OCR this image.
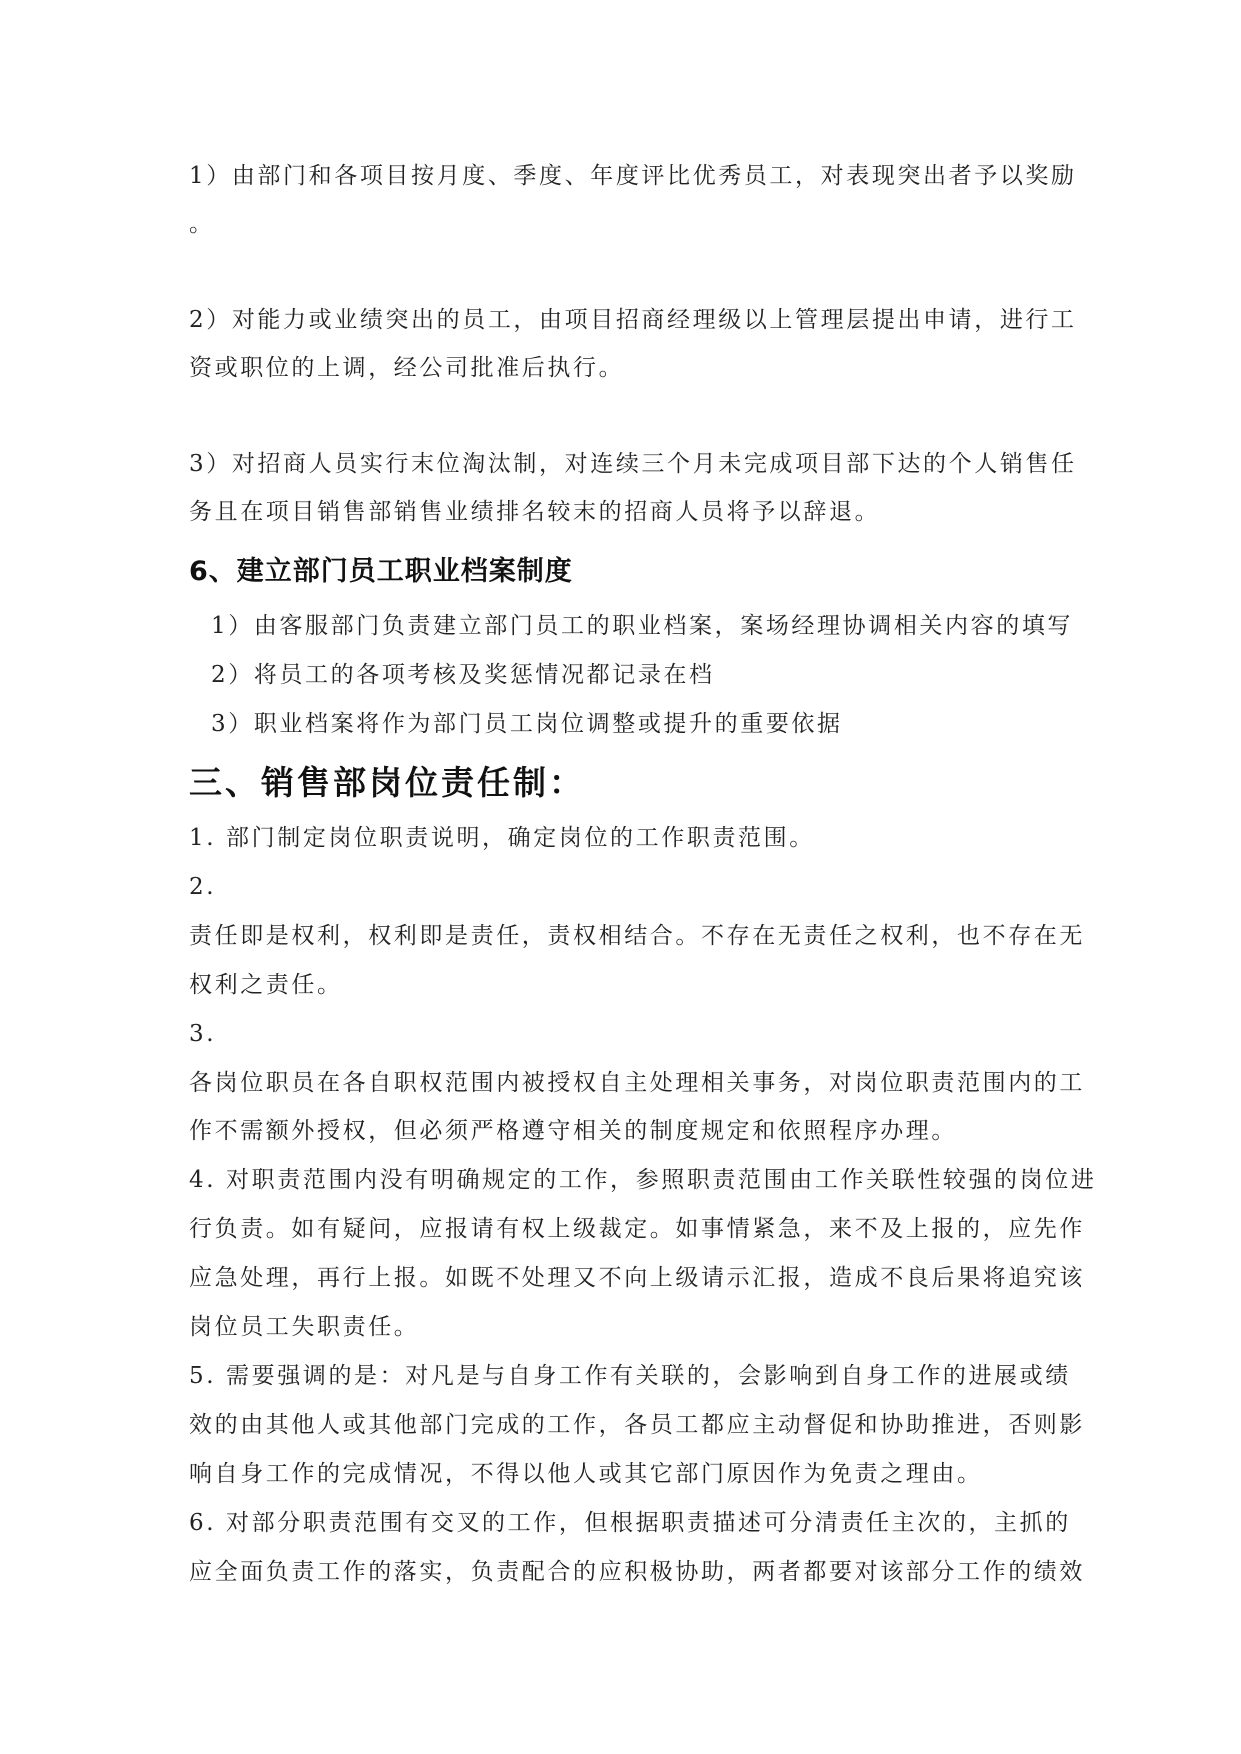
1）由部门和各项目按月度、季度、年度评比优秀员工，对表现突出者予以奖励
。
2）对能力或业绩突出的员工，由项目招商经理级以上管理层提出申请，进行工
资或职位的上调，经公司批准后执行。
3）对招商人员实行末位淘汰制，对连续三个月未完成项目部下达的个人销售任
务且在项目销售部销售业绩排名较末的招商人员将予以辞退。
6、建立部门员工职业档案制度
1）由客服部门负责建立部门员工的职业档案，案场经理协调相关内容的填写
2）将员工的各项考核及奖惩情况都记录在档
3）职业档案将作为部门员工岗位调整或提升的重要依据
三、销售部岗位责任制：
1. 部门制定岗位职责说明，确定岗位的工作职责范围。
2.
责任即是权利，权利即是责任，责权相结合。不存在无责任之权利，也不存在无
权利之责任。
3.
各岗位职员在各自职权范围内被授权自主处理相关事务，对岗位职责范围内的工
作不需额外授权，但必须严格遵守相关的制度规定和依照程序办理。
4. 对职责范围内没有明确规定的工作，参照职责范围由工作关联性较强的岗位进
行负责。如有疑问，应报请有权上级裁定。如事情紧急，来不及上报的，应先作
应急处理，再行上报。如既不处理又不向上级请示汇报，造成不良后果将追究该
岗位员工失职责任。
5. 需要强调的是：对凡是与自身工作有关联的，会影响到自身工作的进展或绩
效的由其他人或其他部门完成的工作，各员工都应主动督促和协助推进，否则影
响自身工作的完成情况，不得以他人或其它部门原因作为免责之理由。
6. 对部分职责范围有交叉的工作，但根据职责描述可分清责任主次的，主抓的
应全面负责工作的落实，负责配合的应积极协助，两者都要对该部分工作的绩效
